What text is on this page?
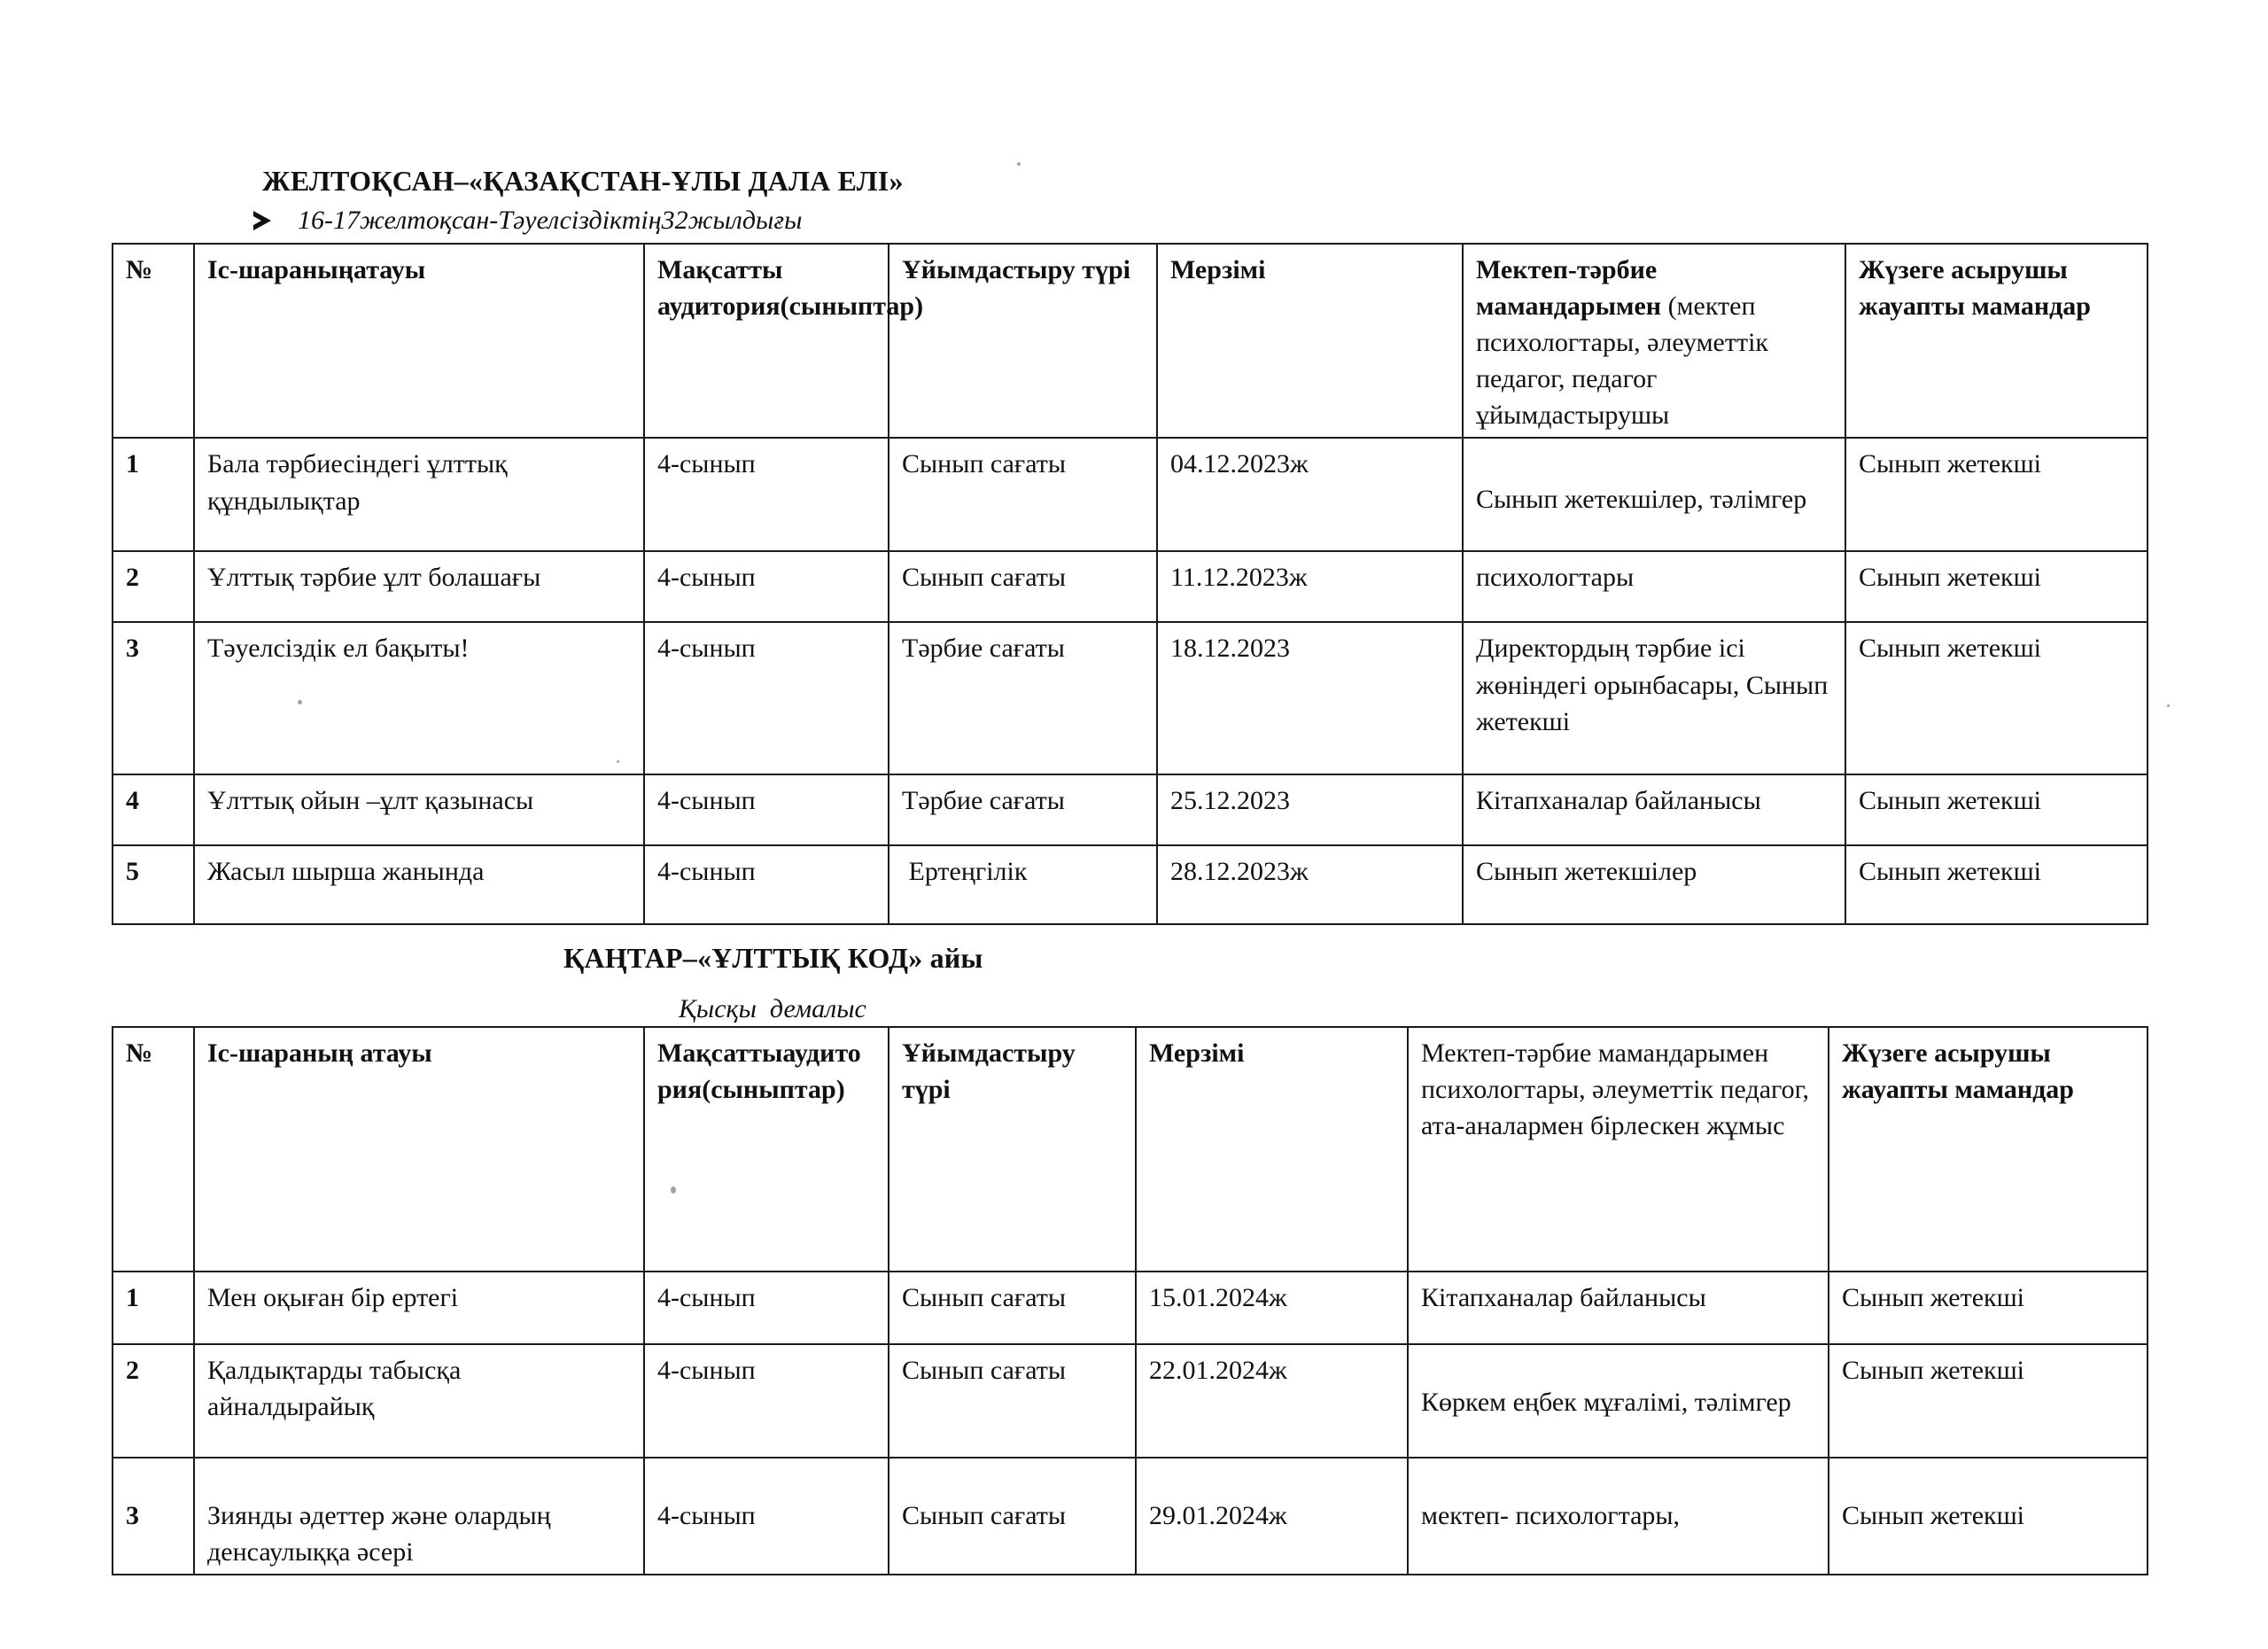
ЖЕЛТОҚСАН–«ҚАЗАҚСТАН-ҰЛЫ ДАЛА ЕЛІ»
16-17желтоқсан-Тәуелсіздіктің32жылдығы
№	Іс-шараныңатауы	Мақсатты аудитория(сыныптар)	Ұйымдастыру түрі	Мерзімі	Мектеп-тәрбие мамандарымен (мектеп психологтары, әлеуметтік педагог, педагог ұйымдастырушы	Жүзеге асырушы жауапты мамандар
1	Бала тәрбиесіндегі ұлттық құндылықтар	4-сынып	Сынып сағаты	04.12.2023ж	Сынып жетекшілер, тәлімгер	Сынып жетекші
2	Ұлттық тәрбие ұлт болашағы	4-сынып	Сынып сағаты	11.12.2023ж	психологтары	Сынып жетекші
3	Тәуелсіздік ел бақыты!	4-сынып	Тәрбие сағаты	18.12.2023	Директордың тәрбие ісі жөніндегі орынбасары, Сынып жетекші	Сынып жетекші
4	Ұлттық ойын –ұлт қазынасы	4-сынып	Тәрбие сағаты	25.12.2023	Кітапханалар байланысы	Сынып жетекші
5	Жасыл шырша жанында	4-сынып	Ертеңгілік	28.12.2023ж	Сынып жетекшілер	Сынып жетекші
ҚАҢТАР–«ҰЛТТЫҚ КОД» айы
Қысқы  демалыс
№	Іс-шараның атауы	Мақсаттыаудитория(сыныптар)	Ұйымдастыру түрі	Мерзімі	Мектеп-тәрбие мамандарымен психологтары, әлеуметтік педагог, ата-аналармен бірлескен жұмыс	Жүзеге асырушы жауапты мамандар
1	Мен оқыған бір ертегі	4-сынып	Сынып сағаты	15.01.2024ж	Кітапханалар байланысы	Сынып жетекші
2	Қалдықтарды табысқа айналдырайық	4-сынып	Сынып сағаты	22.01.2024ж	Көркем еңбек мұғалімі, тәлімгер	Сынып жетекші
3	Зиянды әдеттер және олардың денсаулыққа әсері	4-сынып	Сынып сағаты	29.01.2024ж	мектеп- психологтары,	Сынып жетекші
